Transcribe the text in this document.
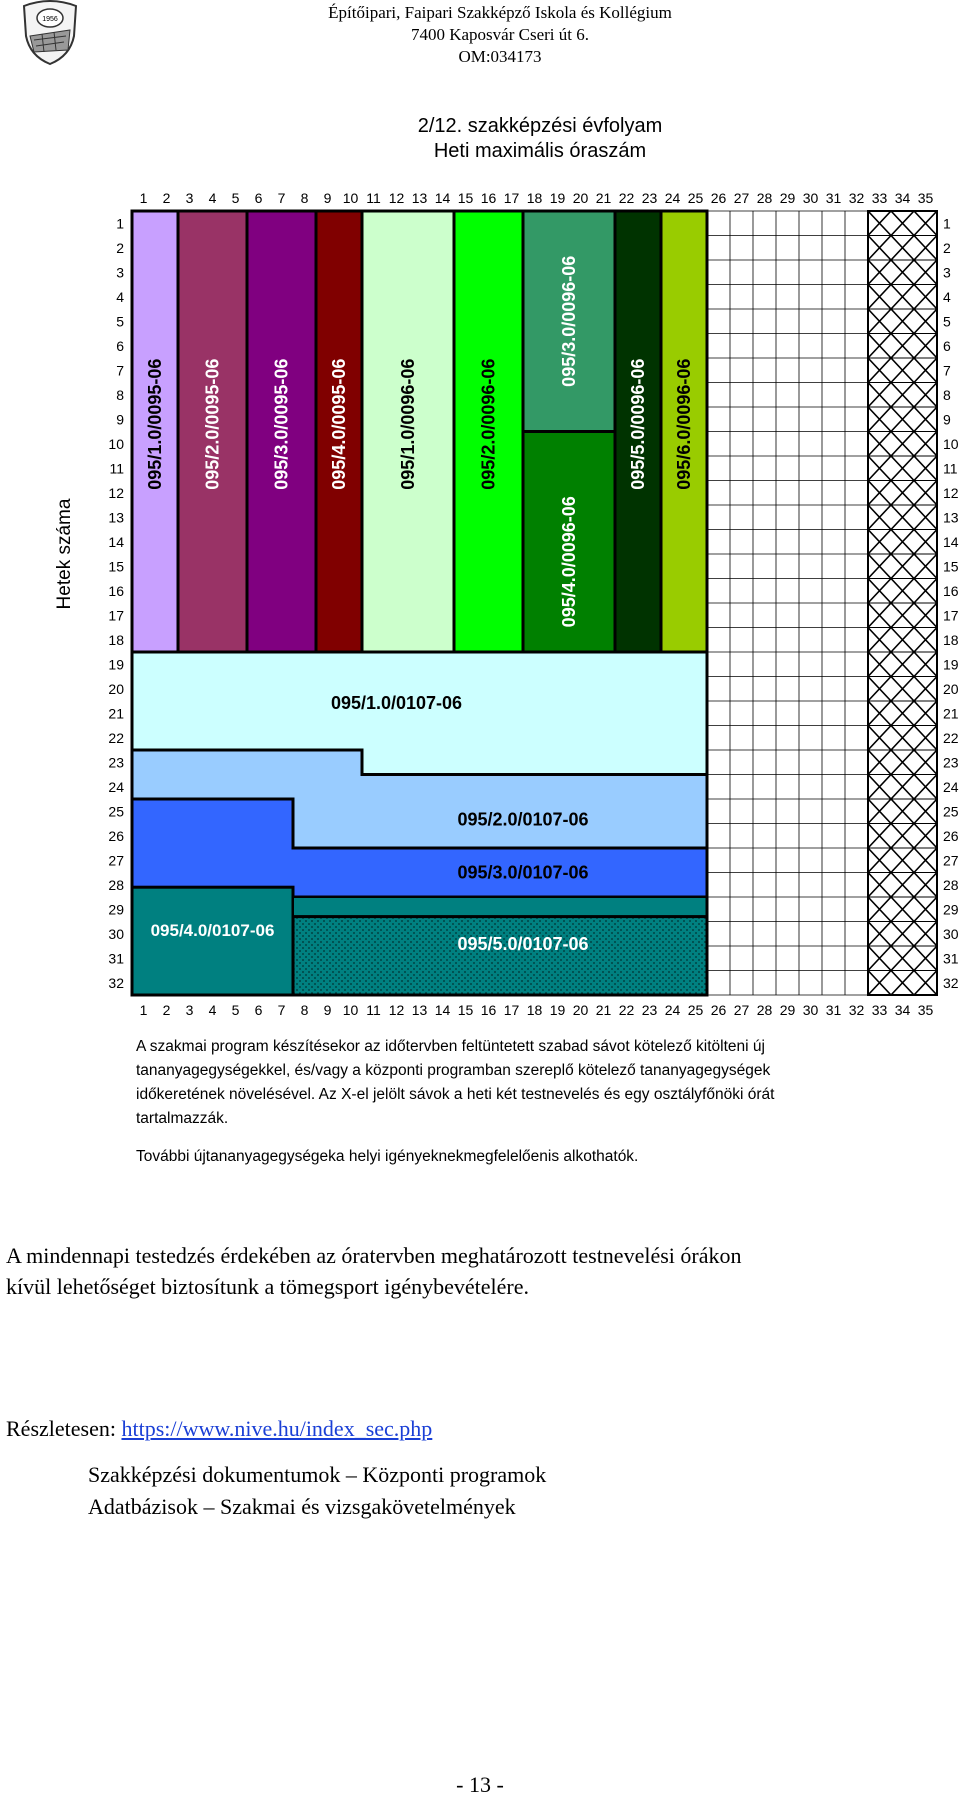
1956	Építőipari, Faipari Szakképző Iskola és Kollégium
7400 Kaposvár Cseri út 6.
OM:034173
2/12. szakképzési évfolyam
Heti maximális óraszám
095/1.0/0095-06 095/2.0/0095-06	095/3.0/0095-06 095/4.0/0095-06	095/1.0/0096-06	095/2.0/0096-06
095/3.0/0096-06
095/4.0/0096-06
095/5.0/0096-06 095/6.0/0096-06
095/1.0/0107-06
095/2.0/0107-06
095/3.0/0107-06
095/4.0/0107-06
095/5.0/0107-06
1
1
2
2
3
3
4
4
5
5
6
6
7
7
8
8
9
9
10
10
11
11
12
12
13
13
14
14
15
15
16
16
17
17
18
18
19
19
20
20
21
21
22
22
23
23
24
24
25
25
26
26
27
27
28
28
29
29
30
30
31
31
32
32
33
33
34
34
35
35
1	1
2	2
3	3
4	4
5	5
6	6
7	7
8	8
9	9
10	10
11	11
12	12
13	13
14	14
15	15
16	16
17	17
18	18
19	19
20	20
21	21
22	22
23	23
24	24
25	25
26	26
27	27
28	28
29	29
30	30
31	31
32	32
Hetek száma
A szakmai program készítésekor az időtervben feltüntetett szabad sávot kötelező kitölteni új
tananyagegységekkel, és/vagy a központi programban szereplő kötelező tananyagegységek
időkeretének növelésével. Az X-el jelölt sávok a heti két testnevelés és egy osztályfőnöki órát
tartalmazzák.
További újtananyagegységeka helyi igényeknekmegfelelőenis alkothatók.
A mindennapi testedzés érdekében az óratervben meghatározott testnevelési órákon
kívül lehetőséget biztosítunk a tömegsport igénybevételére.
Részletesen: https://www.nive.hu/index_sec.php
Szakképzési dokumentumok – Központi programok
Adatbázisok – Szakmai és vizsgakövetelmények
- 13 -
